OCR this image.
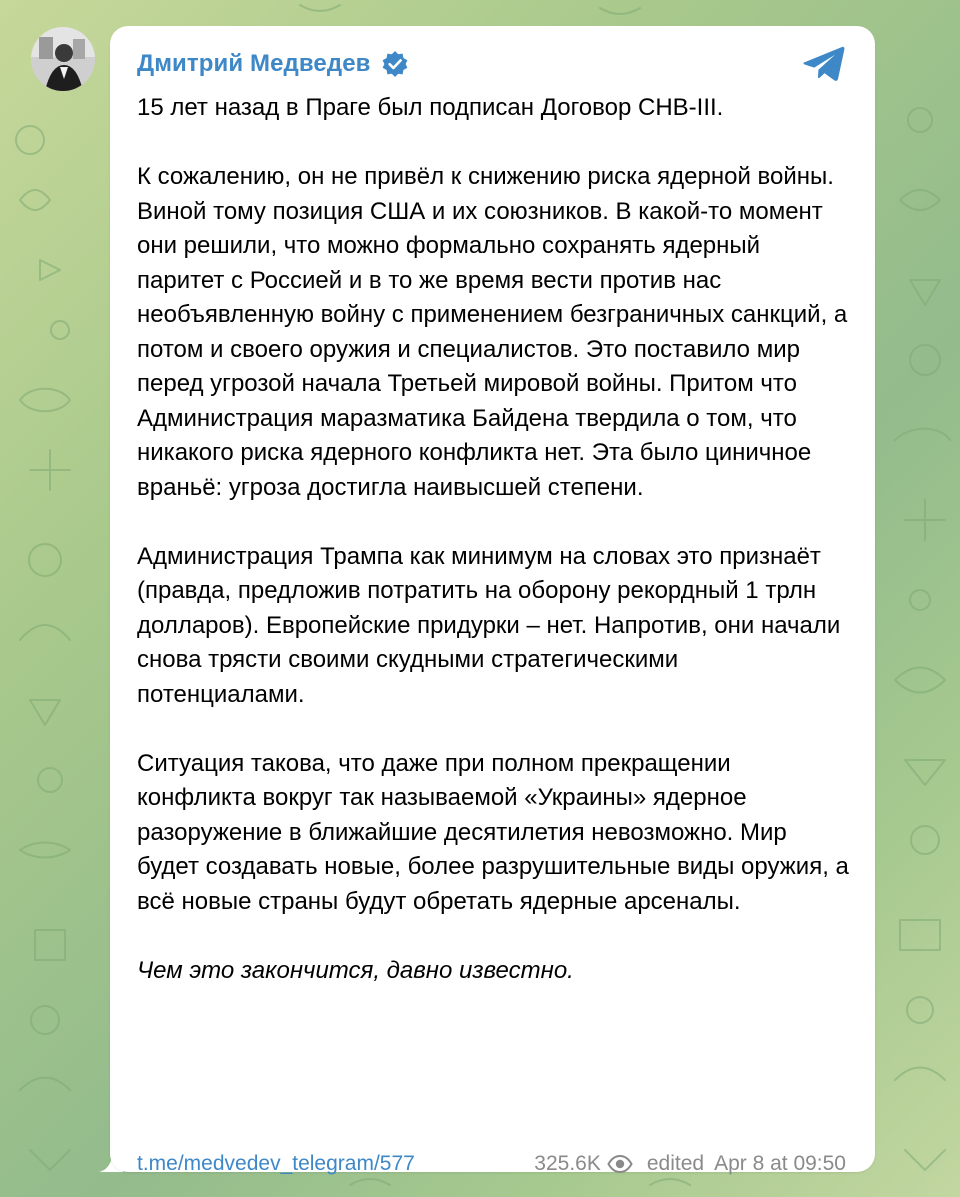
Дмитрий Медведев

15 лет назад в Праге был подписан Договор СНВ-III.

К сожалению, он не привёл к снижению риска ядерной войны. Виной тому позиция США и их союзников. В какой-то момент они решили, что можно формально сохранять ядерный паритет с Россией и в то же время вести против нас необъявленную войну с применением безграничных санкций, а потом и своего оружия и специалистов. Это поставило мир перед угрозой начала Третьей мировой войны. Притом что Администрация маразматика Байдена твердила о том, что никакого риска ядерного конфликта нет. Эта было циничное враньё: угроза достигла наивысшей степени.

Администрация Трампа как минимум на словах это признаёт (правда, предложив потратить на оборону рекордный 1 трлн долларов). Европейские придурки – нет. Напротив, они начали снова трясти своими скудными стратегическими потенциалами.

Ситуация такова, что даже при полном прекращении конфликта вокруг так называемой «Украины» ядерное разоружение в ближайшие десятилетия невозможно. Мир будет создавать новые, более разрушительные виды оружия, а всё новые страны будут обретать ядерные арсеналы.

Чем это закончится, давно известно.

t.me/medvedev_telegram/577	325.6K edited Apr 8 at 09:50
